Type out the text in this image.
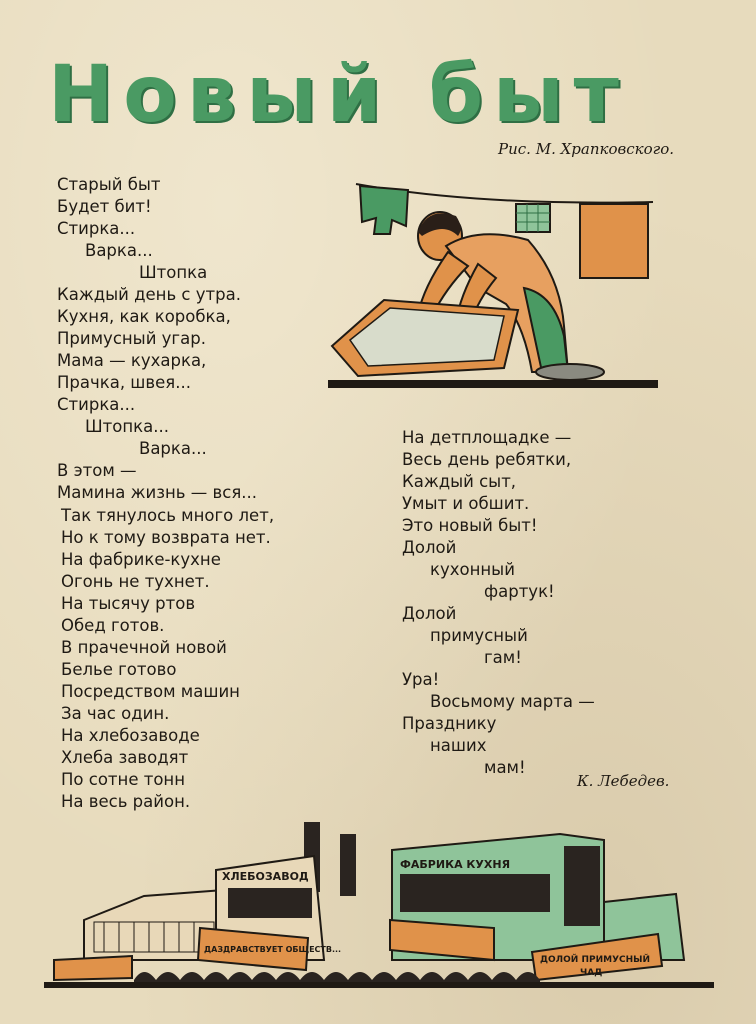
Новый быт
Рис. М. Храпковского.
Старый быт
Будет бит!
Стирка...
Варка...
Штопка
Каждый день с утра.
Кухня, как коробка,
Примусный угар.
Мама — кухарка,
Прачка, швея...
Стирка...
Штопка...
Варка...
В этом —
Мамина жизнь — вся...
Так тянулось много лет,
Но к тому возврата нет.
На фабрике-кухне
Огонь не тухнет.
На тысячу ртов
Обед готов.
В прачечной новой
Белье готово
Посредством машин
За час один.
На хлебозаводе
Хлеба заводят
По сотне тонн
На весь район.
На детплощадке —
Весь день ребятки,
Каждый сыт,
Умыт и обшит.
Это новый быт!
Долой
кухонный
фартук!
Долой
примусный
гам!
Ура!
Восьмому марта —
Празднику
наших
мам!
К. Лебедев.
ХЛЕБОЗАВОД
ФАБРИКА КУХНЯ
ДАЗДРАВСТВУЕТ ОБЩЕСТВ...
ДОЛОЙ ПРИМУСНЫЙ
ЧАД
